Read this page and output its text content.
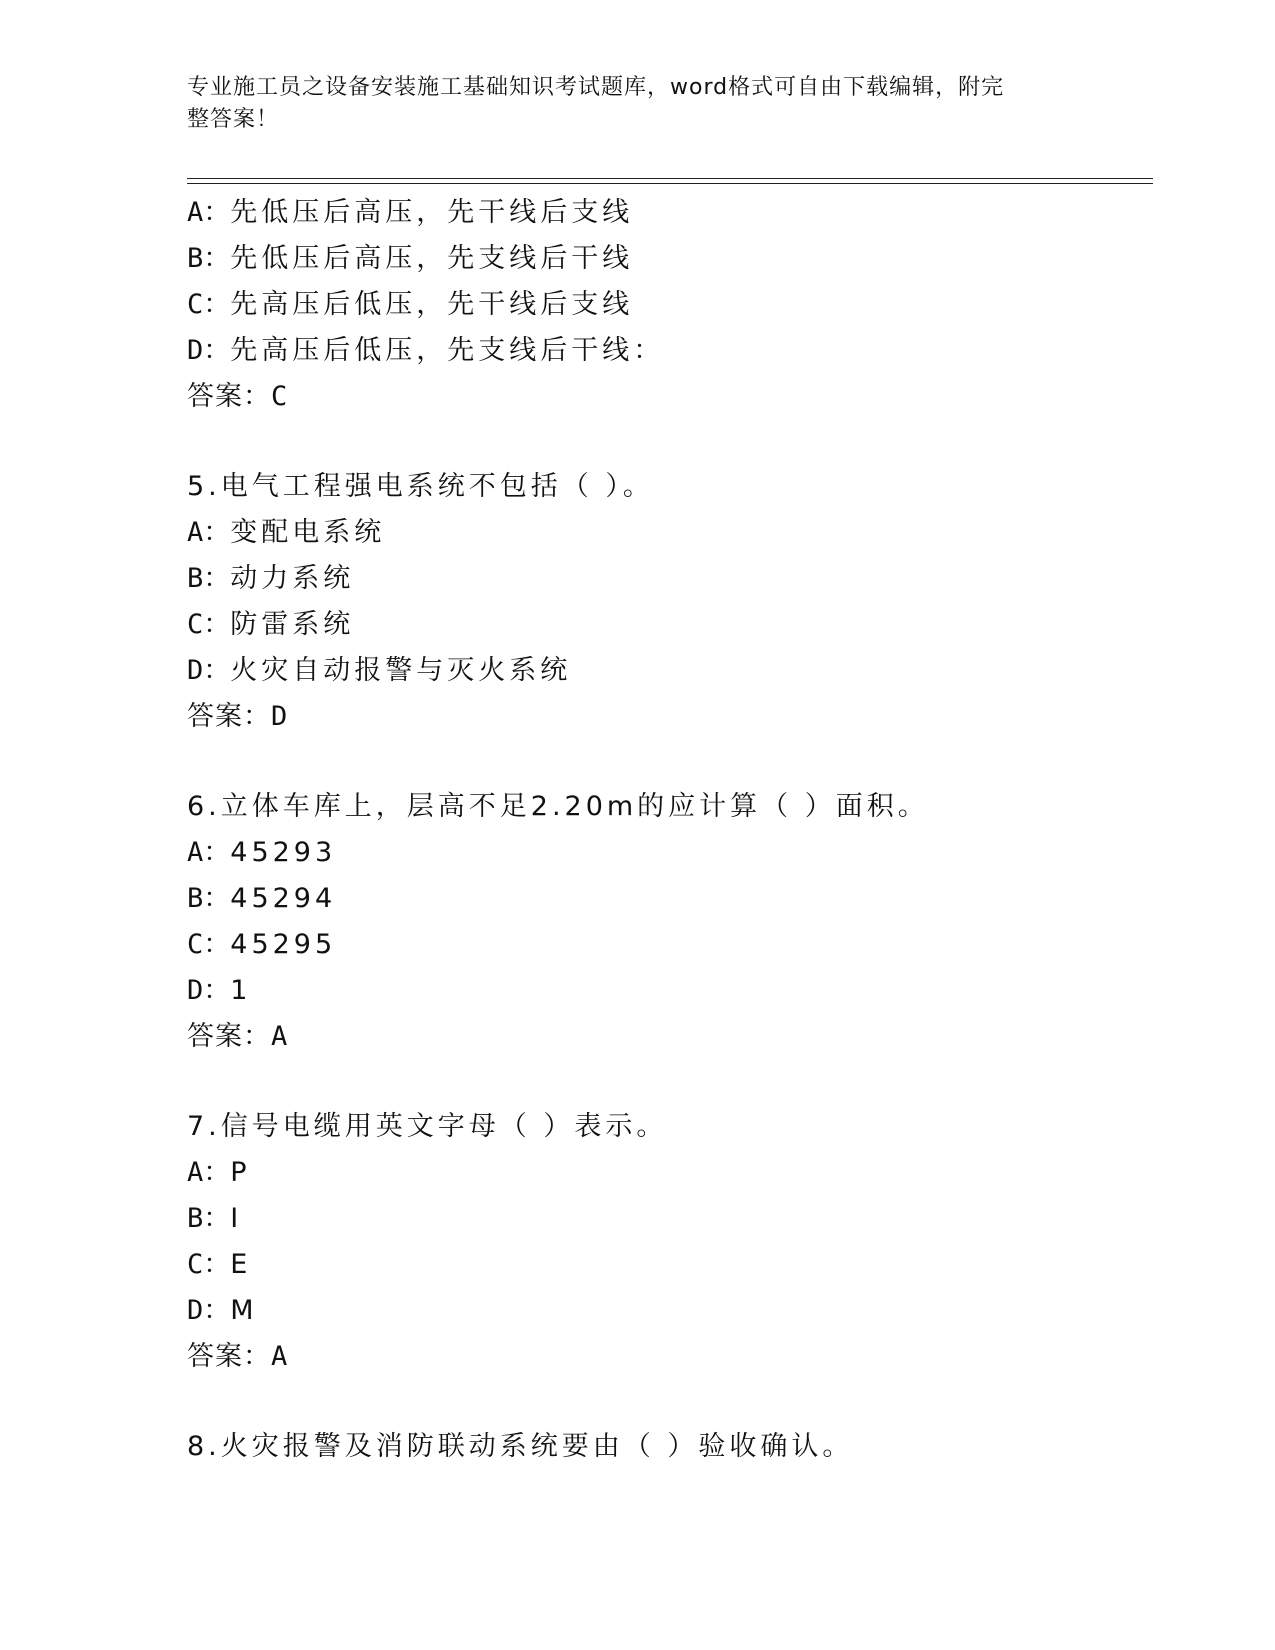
专业施工员之设备安装施工基础知识考试题库，word格式可自由下载编辑，附完
整答案！
A：先低压后高压，先干线后支线
B：先低压后高压，先支线后干线
C：先高压后低压，先干线后支线
D：先高压后低压，先支线后干线：
答案：C
5.电气工程强电系统不包括（ ）。
A：变配电系统
B：动力系统
C：防雷系统
D：火灾自动报警与灭火系统
答案：D
6.立体车库上，层高不足2.20m的应计算（ ）面积。
A：45293
B：45294
C：45295
D：1
答案：A
7.信号电缆用英文字母（ ）表示。
A：P
B：I
C：E
D：M
答案：A
8.火灾报警及消防联动系统要由（ ）验收确认。
